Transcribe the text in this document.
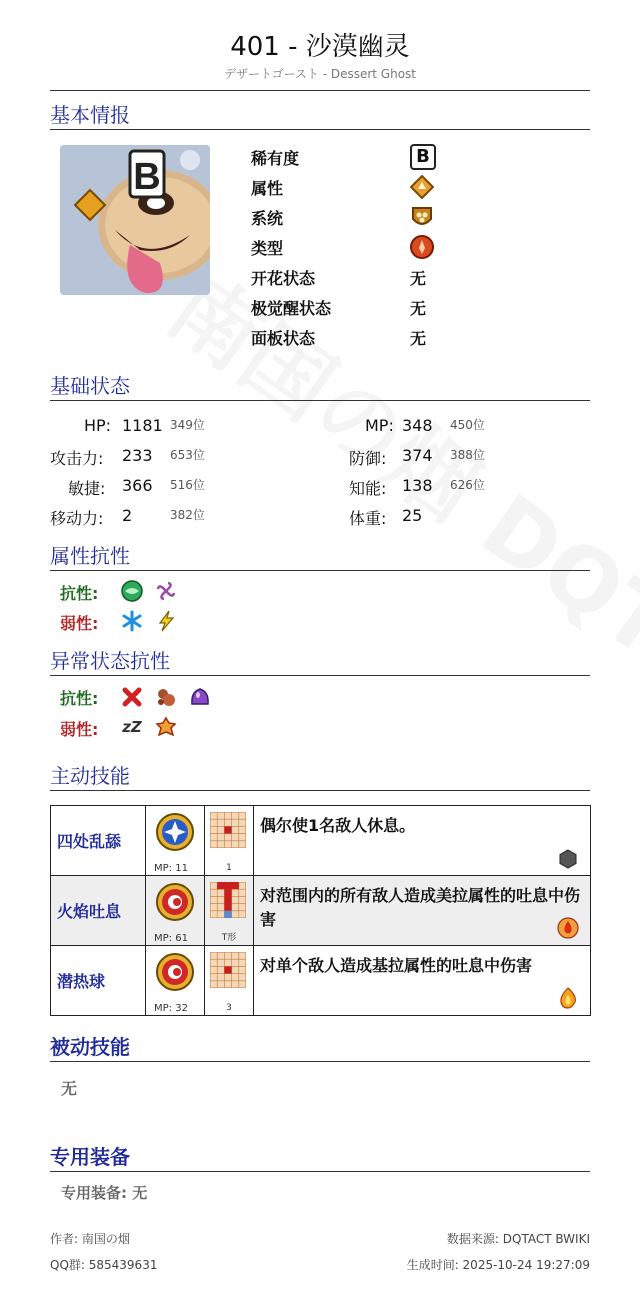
401 - 沙漠幽灵
デザートゴースト - Dessert Ghost
基本情报
B	稀有度	B
属性
系统
类型
开花状态	无
极觉醒状态	无
面板状态	无
基础状态
HP: 1181 349位	MP: 348 450位
攻击力: 233 653位	防御: 374 388位
敏捷: 366 516位	知能: 138 626位
移动力: 2	382位	体重: 25
属性抗性
抗性:
弱性:
异常状态抗性
抗性:
弱性: zZ
主动技能
四处乱舔	MP: 11	1	偶尔使1名敌人休息。

火焰吐息	MP: 61	T形	对范围内的所有敌人造成美拉属性的吐息中伤害

潜热球	MP: 32	3	对单个敌人造成基拉属性的吐息中伤害
被动技能
无
专用装备
专用装备: 无
作者: 南国の烟
QQ群: 585439631
数据来源: DQTACT BWIKI
生成时间: 2025-10-24 19:27:09
